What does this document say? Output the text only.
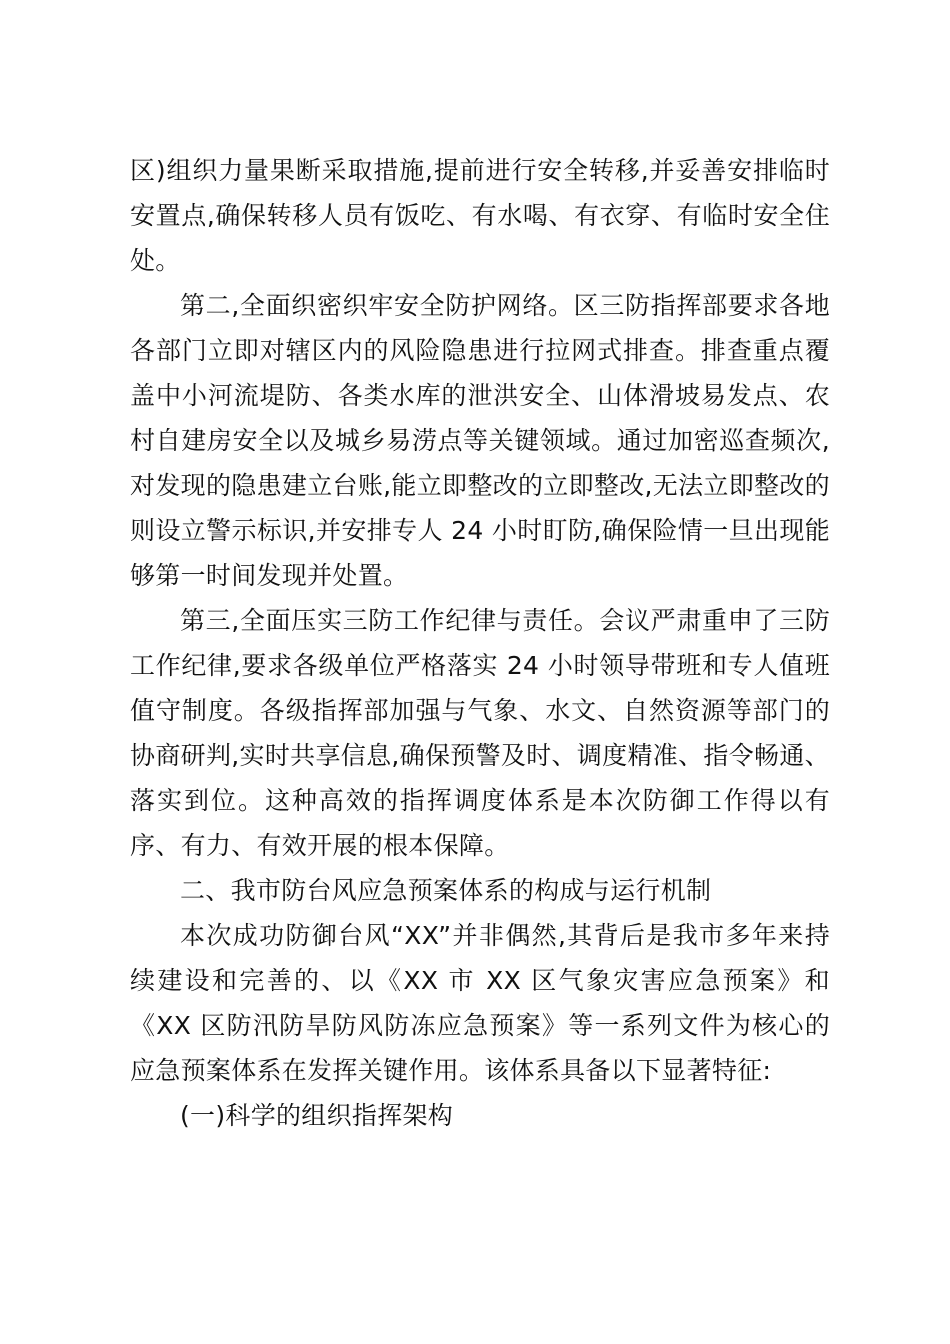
区)组织力量果断采取措施,提前进行安全转移,并妥善安排临时安置点,确保转移人员有饭吃、有水喝、有衣穿、有临时安全住处。

第二,全面织密织牢安全防护网络。区三防指挥部要求各地各部门立即对辖区内的风险隐患进行拉网式排查。排查重点覆盖中小河流堤防、各类水库的泄洪安全、山体滑坡易发点、农村自建房安全以及城乡易涝点等关键领域。通过加密巡查频次,对发现的隐患建立台账,能立即整改的立即整改,无法立即整改的则设立警示标识,并安排专人 24 小时盯防,确保险情一旦出现能够第一时间发现并处置。

第三,全面压实三防工作纪律与责任。会议严肃重申了三防工作纪律,要求各级单位严格落实 24 小时领导带班和专人值班值守制度。各级指挥部加强与气象、水文、自然资源等部门的协商研判,实时共享信息,确保预警及时、调度精准、指令畅通、落实到位。这种高效的指挥调度体系是本次防御工作得以有序、有力、有效开展的根本保障。

二、我市防台风应急预案体系的构成与运行机制

本次成功防御台风“XX”并非偶然,其背后是我市多年来持续建设和完善的、以《XX 市 XX 区气象灾害应急预案》和《XX 区防汛防旱防风防冻应急预案》等一系列文件为核心的应急预案体系在发挥关键作用。该体系具备以下显著特征:

(一)科学的组织指挥架构
